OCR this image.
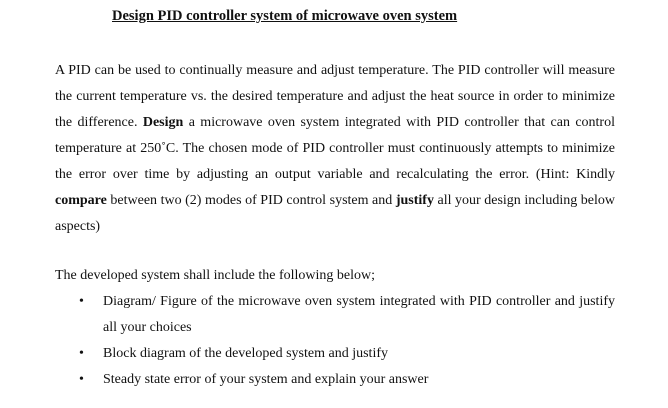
Design PID controller system of microwave oven system

A PID can be used to continually measure and adjust temperature. The PID controller will measure the current temperature vs. the desired temperature and adjust the heat source in order to minimize the difference. Design a microwave oven system integrated with PID controller that can control temperature at 250˚C. The chosen mode of PID controller must continuously attempts to minimize the error over time by adjusting an output variable and recalculating the error. (Hint: Kindly compare between two (2) modes of PID control system and justify all your design including below aspects)

The developed system shall include the following below;

• Diagram/ Figure of the microwave oven system integrated with PID controller and justify all your choices
• Block diagram of the developed system and justify
• Steady state error of your system and explain your answer
